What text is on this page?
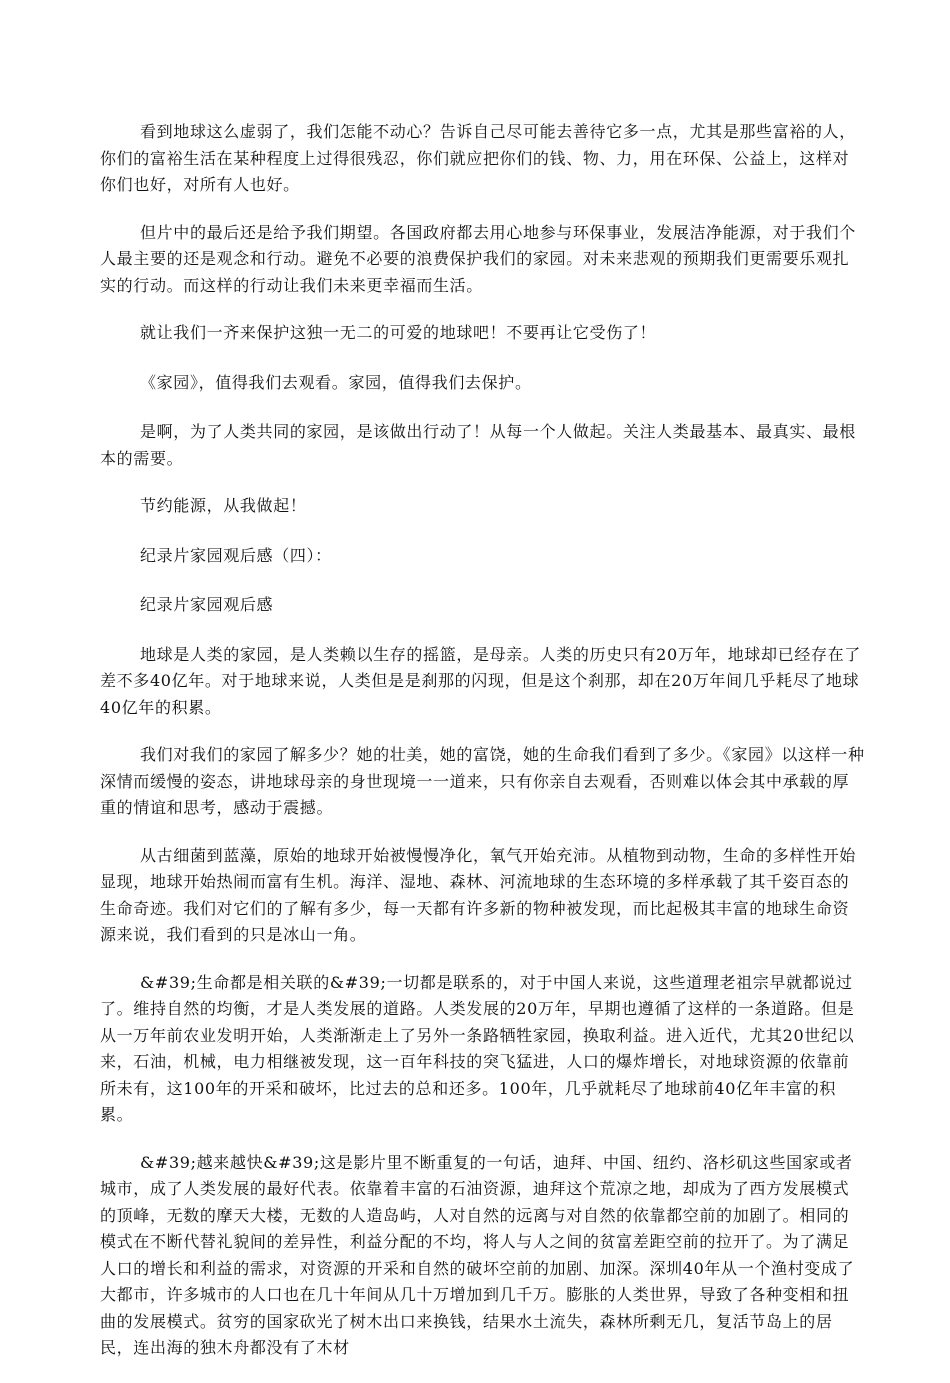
看到地球这么虚弱了，我们怎能不动心？告诉自己尽可能去善待它多一点，尤其是那些富裕的人，你们的富裕生活在某种程度上过得很残忍，你们就应把你们的钱、物、力，用在环保、公益上，这样对你们也好，对所有人也好。

但片中的最后还是给予我们期望。各国政府都去用心地参与环保事业，发展洁净能源，对于我们个人最主要的还是观念和行动。避免不必要的浪费保护我们的家园。对未来悲观的预期我们更需要乐观扎实的行动。而这样的行动让我们未来更幸福而生活。

就让我们一齐来保护这独一无二的可爱的地球吧！不要再让它受伤了！

《家园》，值得我们去观看。家园，值得我们去保护。

是啊，为了人类共同的家园，是该做出行动了！从每一个人做起。关注人类最基本、最真实、最根本的需要。

节约能源，从我做起！

纪录片家园观后感（四）：

纪录片家园观后感

地球是人类的家园，是人类赖以生存的摇篮，是母亲。人类的历史只有20万年，地球却已经存在了差不多40亿年。对于地球来说，人类但是是刹那的闪现，但是这个刹那，却在20万年间几乎耗尽了地球40亿年的积累。

我们对我们的家园了解多少？她的壮美，她的富饶，她的生命我们看到了多少。《家园》以这样一种深情而缓慢的姿态，讲地球母亲的身世现境一一道来，只有你亲自去观看，否则难以体会其中承载的厚重的情谊和思考，感动于震撼。

从古细菌到蓝藻，原始的地球开始被慢慢净化，氧气开始充沛。从植物到动物，生命的多样性开始显现，地球开始热闹而富有生机。海洋、湿地、森林、河流地球的生态环境的多样承载了其千姿百态的生命奇迹。我们对它们的了解有多少，每一天都有许多新的物种被发现，而比起极其丰富的地球生命资源来说，我们看到的只是冰山一角。

&#39;生命都是相关联的&#39;一切都是联系的，对于中国人来说，这些道理老祖宗早就都说过了。维持自然的均衡，才是人类发展的道路。人类发展的20万年，早期也遵循了这样的一条道路。但是从一万年前农业发明开始，人类渐渐走上了另外一条路牺牲家园，换取利益。进入近代，尤其20世纪以来，石油，机械，电力相继被发现，这一百年科技的突飞猛进，人口的爆炸增长，对地球资源的依靠前所未有，这100年的开采和破坏，比过去的总和还多。100年，几乎就耗尽了地球前40亿年丰富的积累。

&#39;越来越快&#39;这是影片里不断重复的一句话，迪拜、中国、纽约、洛杉矶这些国家或者城市，成了人类发展的最好代表。依靠着丰富的石油资源，迪拜这个荒凉之地，却成为了西方发展模式的顶峰，无数的摩天大楼，无数的人造岛屿，人对自然的远离与对自然的依靠都空前的加剧了。相同的模式在不断代替礼貌间的差异性，利益分配的不均，将人与人之间的贫富差距空前的拉开了。为了满足人口的增长和利益的需求，对资源的开采和自然的破坏空前的加剧、加深。深圳40年从一个渔村变成了大都市，许多城市的人口也在几十年间从几十万增加到几千万。膨胀的人类世界，导致了各种变相和扭曲的发展模式。贫穷的国家砍光了树木出口来换钱，结果水土流失，森林所剩无几，复活节岛上的居民，连出海的独木舟都没有了木材
